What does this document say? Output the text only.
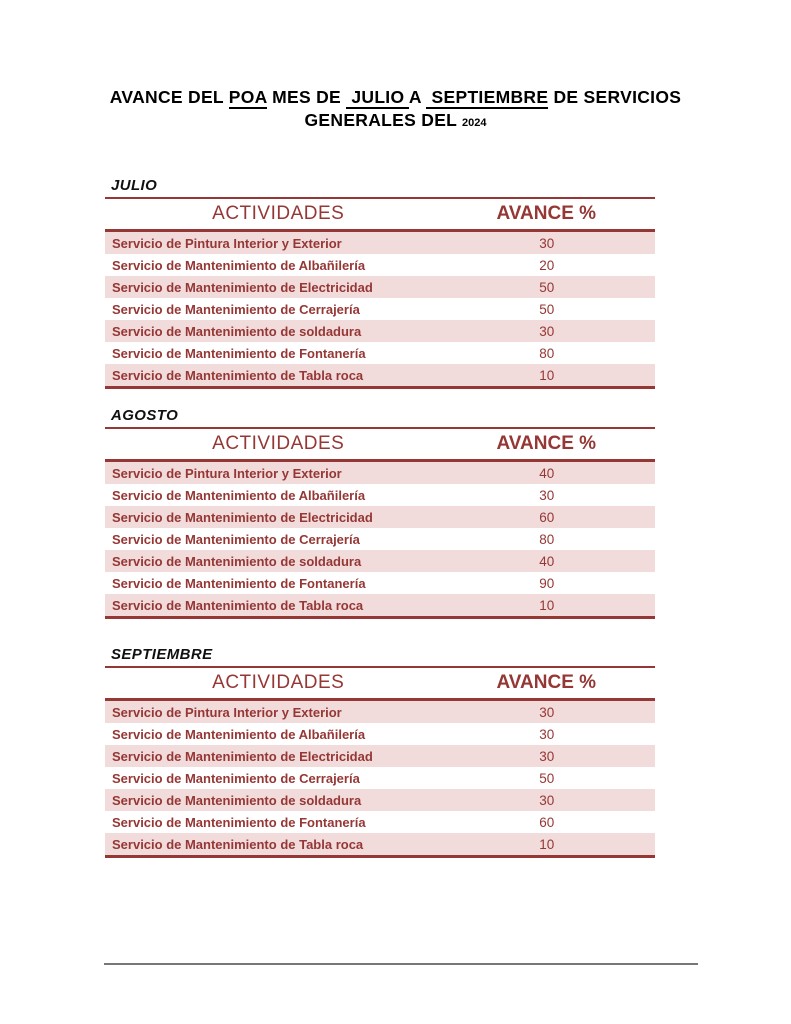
AVANCE DEL POA MES DE  JULIO A  SEPTIEMBRE DE SERVICIOS
GENERALES DEL 2024
JULIO
ACTIVIDADES	AVANCE %
Servicio de Pintura Interior y Exterior	30
Servicio de Mantenimiento de Albañilería	20
Servicio de Mantenimiento de Electricidad	50
Servicio de Mantenimiento de Cerrajería	50
Servicio de Mantenimiento de soldadura	30
Servicio de Mantenimiento de Fontanería	80
Servicio de Mantenimiento de Tabla roca	10
AGOSTO
ACTIVIDADES	AVANCE %
Servicio de Pintura Interior y Exterior	40
Servicio de Mantenimiento de Albañilería	30
Servicio de Mantenimiento de Electricidad	60
Servicio de Mantenimiento de Cerrajería	80
Servicio de Mantenimiento de soldadura	40
Servicio de Mantenimiento de Fontanería	90
Servicio de Mantenimiento de Tabla roca	10
SEPTIEMBRE
ACTIVIDADES	AVANCE %
Servicio de Pintura Interior y Exterior	30
Servicio de Mantenimiento de Albañilería	30
Servicio de Mantenimiento de Electricidad	30
Servicio de Mantenimiento de Cerrajería	50
Servicio de Mantenimiento de soldadura	30
Servicio de Mantenimiento de Fontanería	60
Servicio de Mantenimiento de Tabla roca	10
